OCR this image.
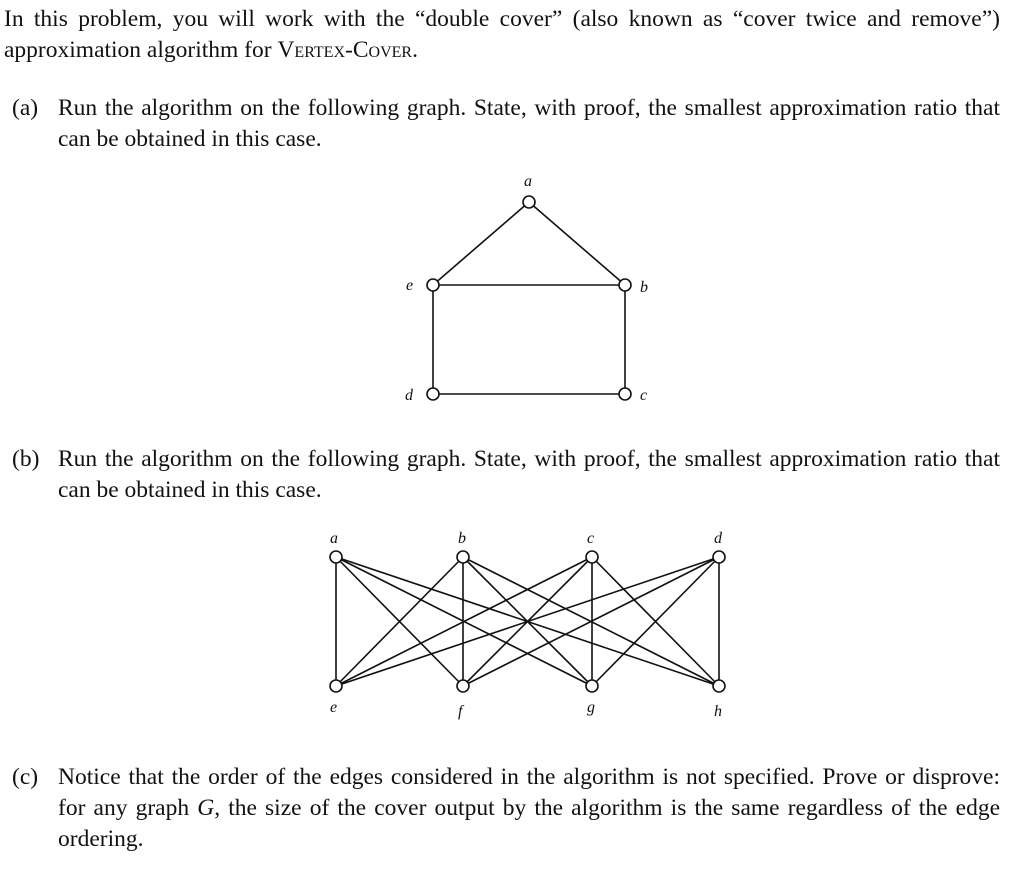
In this problem, you will work with the “double cover” (also known as “cover twice and remove”) approximation algorithm for Vertex-Cover.
(a) Run the algorithm on the following graph. State, with proof, the smallest approximation ratio that can be obtained in this case.
(b) Run the algorithm on the following graph. State, with proof, the smallest approximation ratio that can be obtained in this case.
(c) Notice that the order of the edges considered in the algorithm is not specified. Prove or disprove: for any graph G, the size of the cover output by the algorithm is the same regardless of the edge ordering.
a
e	b
d	c
a	b	c	d
e	f	g	h
